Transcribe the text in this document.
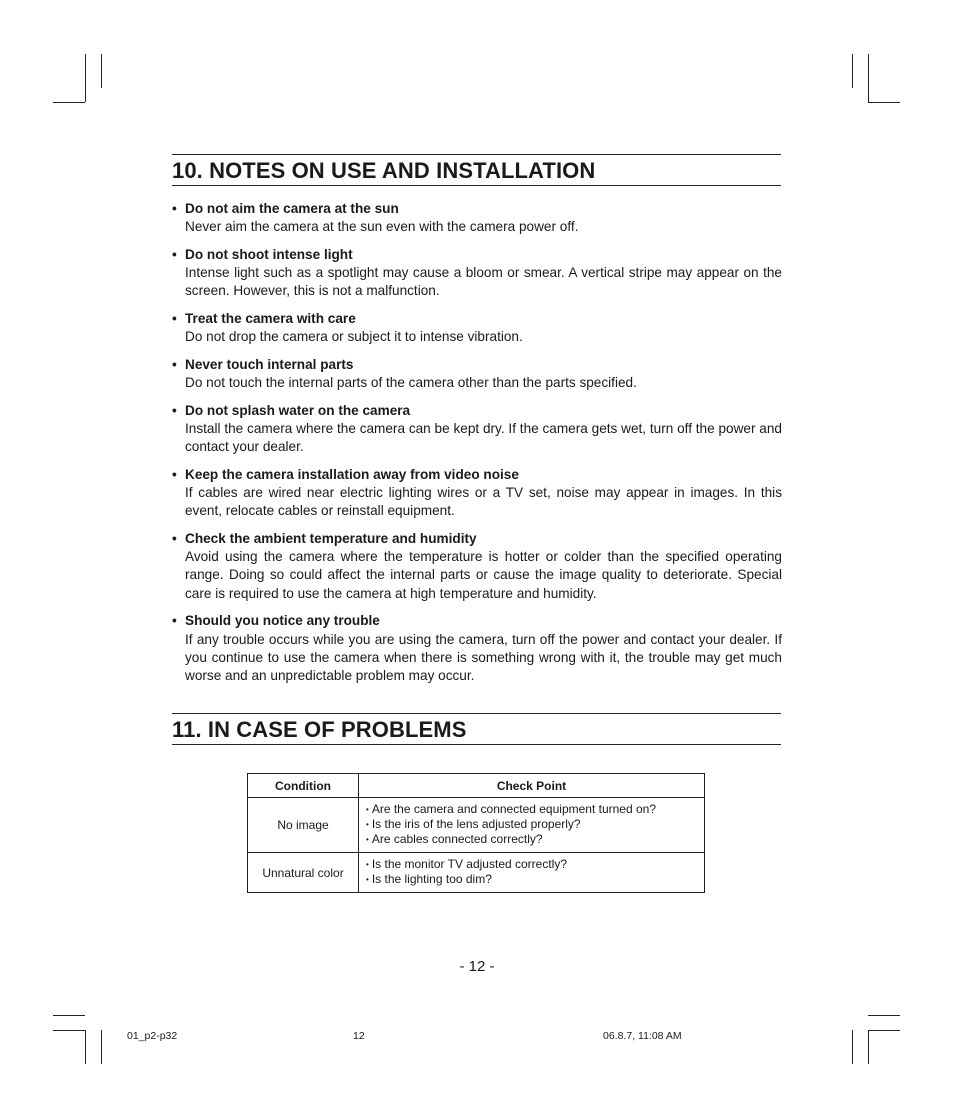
10. NOTES ON USE AND INSTALLATION
• Do not aim the camera at the sun
Never aim the camera at the sun even with the camera power off.
• Do not shoot intense light
Intense light such as a spotlight may cause a bloom or smear. A vertical stripe may appear on the screen. However, this is not a malfunction.
• Treat the camera with care
Do not drop the camera or subject it to intense vibration.
• Never touch internal parts
Do not touch the internal parts of the camera other than the parts specified.
• Do not splash water on the camera
Install the camera where the camera can be kept dry. If the camera gets wet, turn off the power and contact your dealer.
• Keep the camera installation away from video noise
If cables are wired near electric lighting wires or a TV set, noise may appear in images. In this event, relocate cables or reinstall equipment.
• Check the ambient temperature and humidity
Avoid using the camera where the temperature is hotter or colder than the specified operating range. Doing so could affect the internal parts or cause the image quality to deteriorate. Special care is required to use the camera at high temperature and humidity.
• Should you notice any trouble
If any trouble occurs while you are using the camera, turn off the power and contact your dealer. If you continue to use the camera when there is something wrong with it, the trouble may get much worse and an unpredictable problem may occur.
11. IN CASE OF PROBLEMS
Condition	Check Point
No image	• Are the camera and connected equipment turned on?
• Is the iris of the lens adjusted properly?
• Are cables connected correctly?

Unnatural color	• Is the monitor TV adjusted correctly?
• Is the lighting too dim?
- 12 -
01_p2-p32	12	06.8.7, 11:08 AM
